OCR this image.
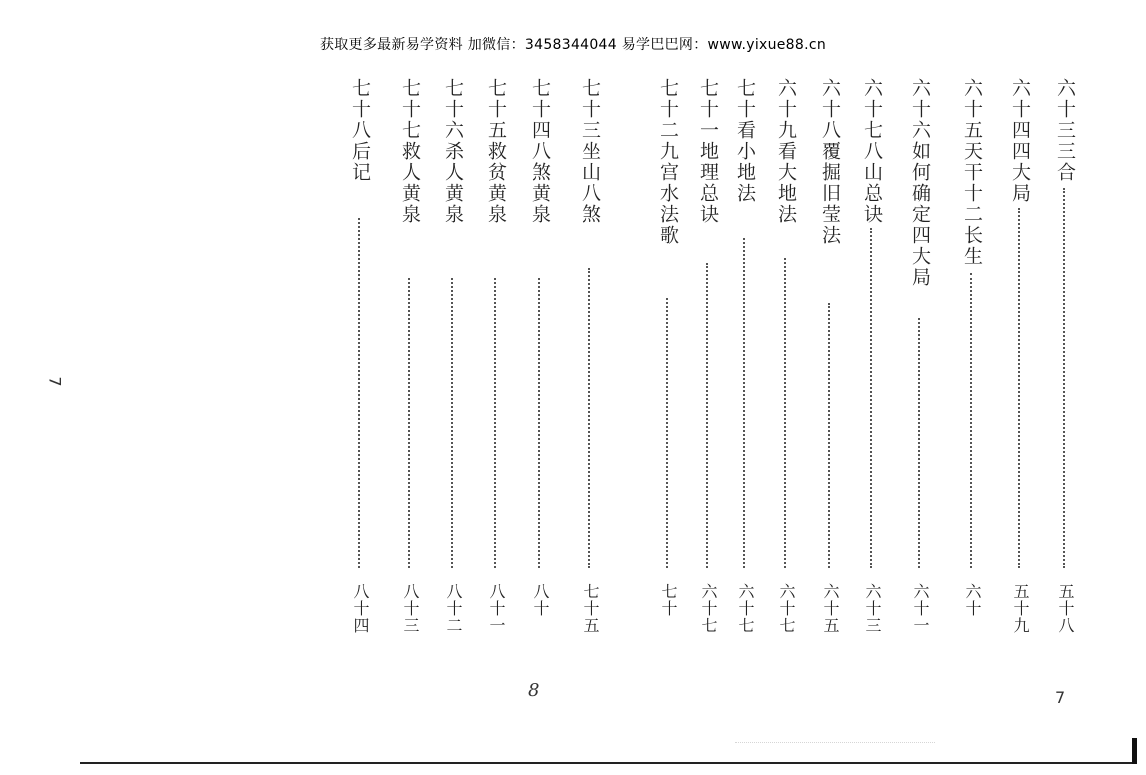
获取更多最新易学资料 加微信：3458344044 易学巴巴网：www.yixue88.cn
六十三三合
五十八
六十四四大局
五十九
六十五天干十二长生
六十
六十六如何确定四大局
六十一
六十七八山总诀
六十三
六十八覆掘旧莹法
六十五
六十九看大地法
六十七
七十看小地法
六十七
七十一地理总诀
六十七
七十二九宫水法歌
七十
七十三坐山八煞
七十五
七十四八煞黄泉
八十
七十五救贫黄泉
八十一
七十六杀人黄泉
八十二
七十七救人黄泉
八十三
七十八后记
八十四
7
8	7
